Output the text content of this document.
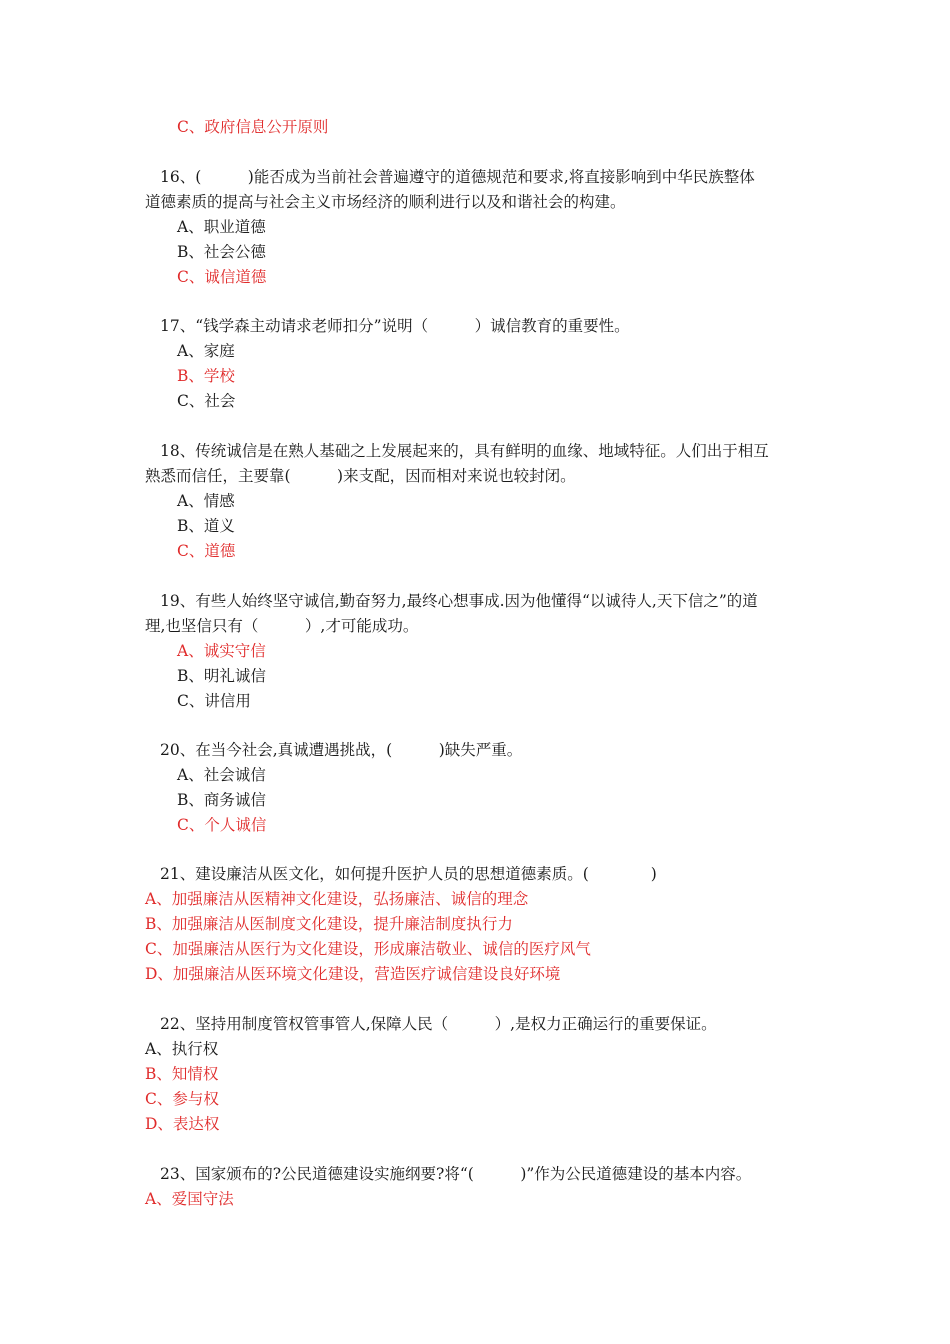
C、政府信息公开原则
16、(　　　)能否成为当前社会普遍遵守的道德规范和要求,将直接影响到中华民族整体
道德素质的提高与社会主义市场经济的顺利进行以及和谐社会的构建。
A、职业道德
B、社会公德
C、诚信道德
17、“钱学森主动请求老师扣分”说明（　　　）诚信教育的重要性。
A、家庭
B、学校
C、社会
18、传统诚信是在熟人基础之上发展起来的，具有鲜明的血缘、地域特征。人们出于相互
熟悉而信任，主要靠(　　　)来支配，因而相对来说也较封闭。
A、情感
B、道义
C、道德
19、有些人始终坚守诚信,勤奋努力,最终心想事成.因为他懂得“以诚待人,天下信之”的道
理,也坚信只有（　　　）,才可能成功。
A、诚实守信
B、明礼诚信
C、讲信用
20、在当今社会,真诚遭遇挑战，(　　　)缺失严重。
A、社会诚信
B、商务诚信
C、个人诚信
21、建设廉洁从医文化，如何提升医护人员的思想道德素质。(　　　　)
A、加强廉洁从医精神文化建设，弘扬廉洁、诚信的理念
B、加强廉洁从医制度文化建设，提升廉洁制度执行力
C、加强廉洁从医行为文化建设，形成廉洁敬业、诚信的医疗风气
D、加强廉洁从医环境文化建设，营造医疗诚信建设良好环境
22、坚持用制度管权管事管人,保障人民（　　　）,是权力正确运行的重要保证。
A、执行权
B、知情权
C、参与权
D、表达权
23、国家颁布的?公民道德建设实施纲要?将“(　　　)”作为公民道德建设的基本内容。
A、爱国守法
